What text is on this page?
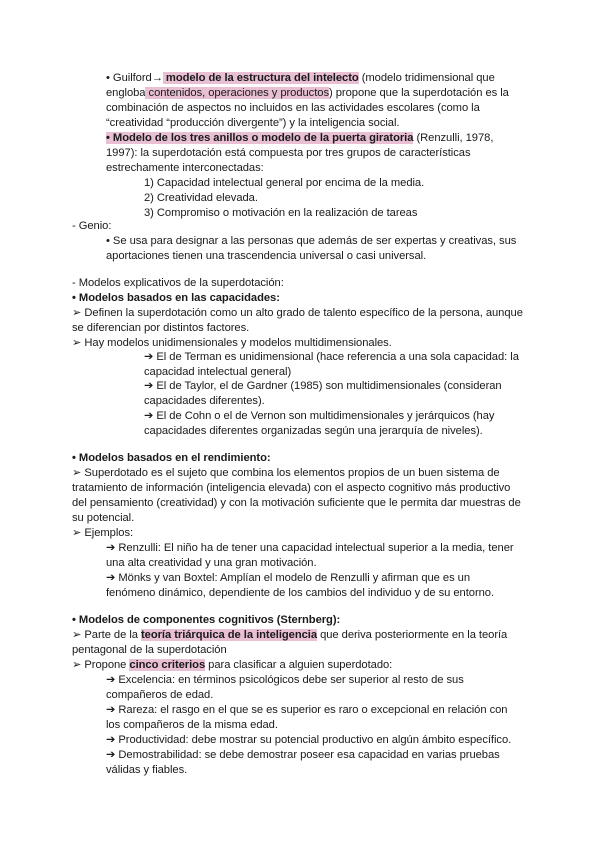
• Guilford→ modelo de la estructura del intelecto (modelo tridimensional que
engloba contenidos, operaciones y productos) propone que la superdotación es la
combinación de aspectos no incluidos en las actividades escolares (como la
“creatividad “producción divergente”) y la inteligencia social.
• Modelo de los tres anillos o modelo de la puerta giratoria (Renzulli, 1978,
1997): la superdotación está compuesta por tres grupos de características
estrechamente interconectadas:
1) Capacidad intelectual general por encima de la media.
2) Creatividad elevada.
3) Compromiso o motivación en la realización de tareas
- Genio:
• Se usa para designar a las personas que además de ser expertas y creativas, sus
aportaciones tienen una trascendencia universal o casi universal.
- Modelos explicativos de la superdotación:
• Modelos basados en las capacidades:
➢ Definen la superdotación como un alto grado de talento específico de la persona, aunque
se diferencian por distintos factores.
➢ Hay modelos unidimensionales y modelos multidimensionales.
➔ El de Terman es unidimensional (hace referencia a una sola capacidad: la
capacidad intelectual general)
➔ El de Taylor, el de Gardner (1985) son multidimensionales (consideran
capacidades diferentes).
➔ El de Cohn o el de Vernon son multidimensionales y jerárquicos (hay
capacidades diferentes organizadas según una jerarquía de niveles).
• Modelos basados en el rendimiento:
➢ Superdotado es el sujeto que combina los elementos propios de un buen sistema de
tratamiento de información (inteligencia elevada) con el aspecto cognitivo más productivo
del pensamiento (creatividad) y con la motivación suficiente que le permita dar muestras de
su potencial.
➢ Ejemplos:
➔ Renzulli: El niño ha de tener una capacidad intelectual superior a la media, tener
una alta creatividad y una gran motivación.
➔ Mönks y van Boxtel: Amplían el modelo de Renzulli y afirman que es un
fenómeno dinámico, dependiente de los cambios del individuo y de su entorno.
• Modelos de componentes cognitivos (Sternberg):
➢ Parte de la teoría triárquica de la inteligencia que deriva posteriormente en la teoría
pentagonal de la superdotación
➢ Propone cinco criterios para clasificar a alguien superdotado:
➔ Excelencia: en términos psicológicos debe ser superior al resto de sus
compañeros de edad.
➔ Rareza: el rasgo en el que se es superior es raro o excepcional en relación con
los compañeros de la misma edad.
➔ Productividad: debe mostrar su potencial productivo en algún ámbito específico.
➔ Demostrabilidad: se debe demostrar poseer esa capacidad en varias pruebas
válidas y fiables.
